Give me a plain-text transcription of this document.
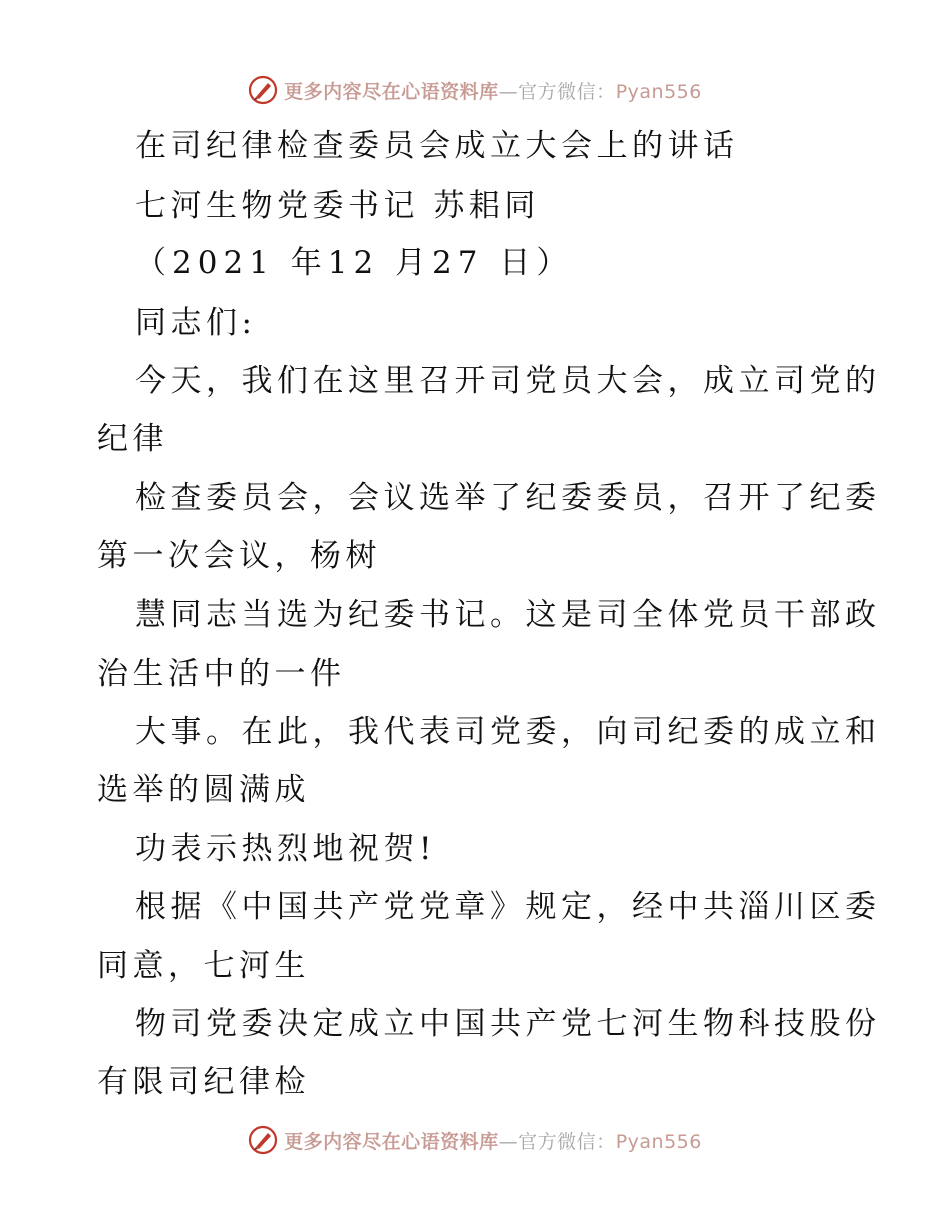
更多内容尽在心语资料库—官方微信：Pyan556
在司纪律检查委员会成立大会上的讲话
七河生物党委书记 苏耜同
（2021 年12 月27 日）
同志们:
今天，我们在这里召开司党员大会，成立司党的
纪律
检查委员会，会议选举了纪委委员，召开了纪委
第一次会议，杨树
慧同志当选为纪委书记。这是司全体党员干部政
治生活中的一件
大事。在此，我代表司党委，向司纪委的成立和
选举的圆满成
功表示热烈地祝贺!
根据《中国共产党党章》规定，经中共淄川区委
同意，七河生
物司党委决定成立中国共产党七河生物科技股份
有限司纪律检
更多内容尽在心语资料库—官方微信：Pyan556
